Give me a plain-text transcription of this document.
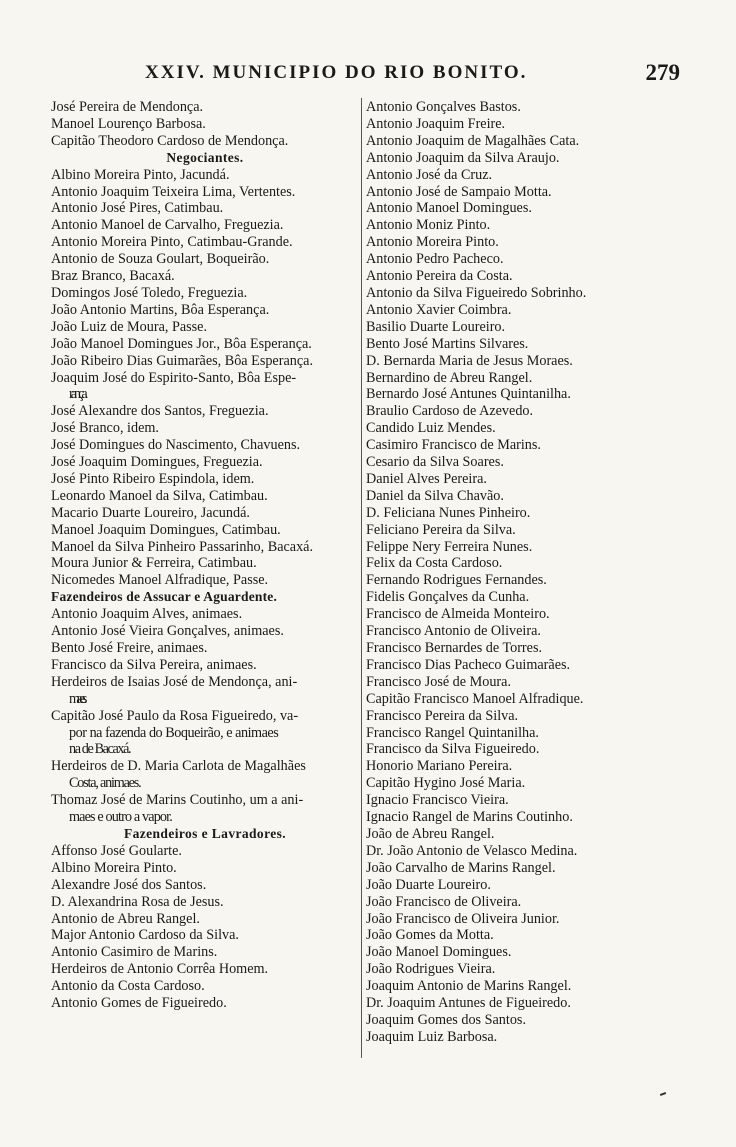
XXIV. MUNICIPIO DO RIO BONITO.	279
José Pereira de Mendonça.
Manoel Lourenço Barbosa.
Capitão Theodoro Cardoso de Mendonça.
Negociantes.
Albino Moreira Pinto, Jacundá.
Antonio Joaquim Teixeira Lima, Vertentes.
Antonio José Pires, Catimbau.
Antonio Manoel de Carvalho, Freguezia.
Antonio Moreira Pinto, Catimbau-Grande.
Antonio de Souza Goulart, Boqueirão.
Braz Branco, Bacaxá.
Domingos José Toledo, Freguezia.
João Antonio Martins, Bôa Esperança.
João Luiz de Moura, Passe.
João Manoel Domingues Jor., Bôa Esperança.
João Ribeiro Dias Guimarães, Bôa Esperança.
Joaquim José do Espirito-Santo, Bôa Espe-
rança.
José Alexandre dos Santos, Freguezia.
José Branco, idem.
José Domingues do Nascimento, Chavuens.
José Joaquim Domingues, Freguezia.
José Pinto Ribeiro Espindola, idem.
Leonardo Manoel da Silva, Catimbau.
Macario Duarte Loureiro, Jacundá.
Manoel Joaquim Domingues, Catimbau.
Manoel da Silva Pinheiro Passarinho, Bacaxá.
Moura Junior & Ferreira, Catimbau.
Nicomedes Manoel Alfradique, Passe.
Fazendeiros de Assucar e Aguardente.
Antonio Joaquim Alves, animaes.
Antonio José Vieira Gonçalves, animaes.
Bento José Freire, animaes.
Francisco da Silva Pereira, animaes.
Herdeiros de Isaias José de Mendonça, ani-
maes.
Capitão José Paulo da Rosa Figueiredo, va-
por na fazenda do Boqueirão, e animaes
na de Bacaxá.
Herdeiros de D. Maria Carlota de Magalhães
Costa, animaes.
Thomaz José de Marins Coutinho, um a ani-
maes e outro a vapor.
Fazendeiros e Lavradores.
Affonso José Goularte.
Albino Moreira Pinto.
Alexandre José dos Santos.
D. Alexandrina Rosa de Jesus.
Antonio de Abreu Rangel.
Major Antonio Cardoso da Silva.
Antonio Casimiro de Marins.
Herdeiros de Antonio Corrêa Homem.
Antonio da Costa Cardoso.
Antonio Gomes de Figueiredo.
Antonio Gonçalves Bastos.
Antonio Joaquim Freire.
Antonio Joaquim de Magalhães Cata.
Antonio Joaquim da Silva Araujo.
Antonio José da Cruz.
Antonio José de Sampaio Motta.
Antonio Manoel Domingues.
Antonio Moniz Pinto.
Antonio Moreira Pinto.
Antonio Pedro Pacheco.
Antonio Pereira da Costa.
Antonio da Silva Figueiredo Sobrinho.
Antonio Xavier Coimbra.
Basilio Duarte Loureiro.
Bento José Martins Silvares.
D. Bernarda Maria de Jesus Moraes.
Bernardino de Abreu Rangel.
Bernardo José Antunes Quintanilha.
Braulio Cardoso de Azevedo.
Candido Luiz Mendes.
Casimiro Francisco de Marins.
Cesario da Silva Soares.
Daniel Alves Pereira.
Daniel da Silva Chavão.
D. Feliciana Nunes Pinheiro.
Feliciano Pereira da Silva.
Felippe Nery Ferreira Nunes.
Felix da Costa Cardoso.
Fernando Rodrigues Fernandes.
Fidelis Gonçalves da Cunha.
Francisco de Almeida Monteiro.
Francisco Antonio de Oliveira.
Francisco Bernardes de Torres.
Francisco Dias Pacheco Guimarães.
Francisco José de Moura.
Capitão Francisco Manoel Alfradique.
Francisco Pereira da Silva.
Francisco Rangel Quintanilha.
Francisco da Silva Figueiredo.
Honorio Mariano Pereira.
Capitão Hygino José Maria.
Ignacio Francisco Vieira.
Ignacio Rangel de Marins Coutinho.
João de Abreu Rangel.
Dr. João Antonio de Velasco Medina.
João Carvalho de Marins Rangel.
João Duarte Loureiro.
João Francisco de Oliveira.
João Francisco de Oliveira Junior.
João Gomes da Motta.
João Manoel Domingues.
João Rodrigues Vieira.
Joaquim Antonio de Marins Rangel.
Dr. Joaquim Antunes de Figueiredo.
Joaquim Gomes dos Santos.
Joaquim Luiz Barbosa.
